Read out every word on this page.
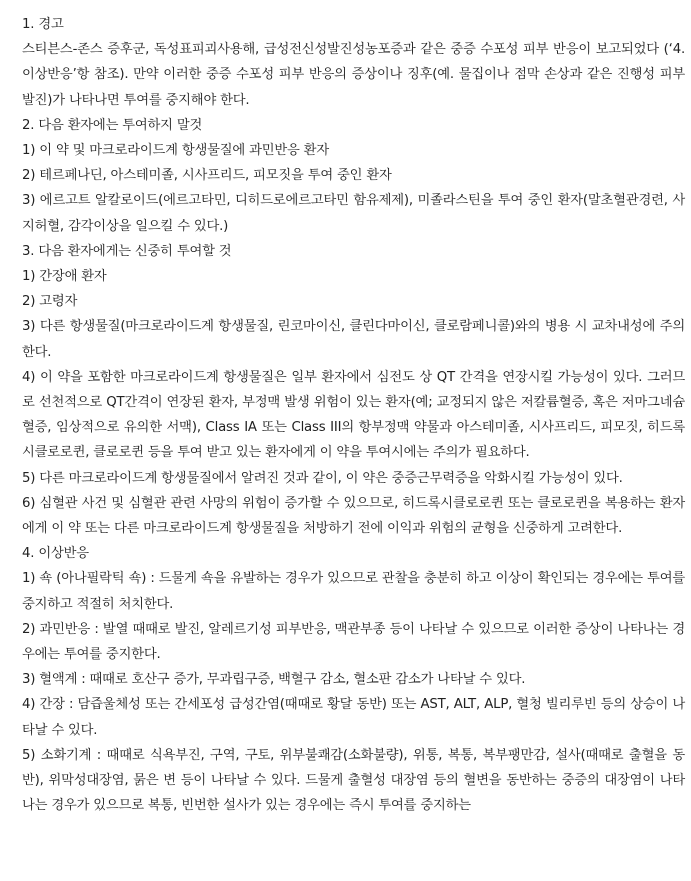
1. 경고

스티븐스-존스 증후군, 독성표피괴사용해, 급성전신성발진성농포증과 같은 중증 수포성 피부 반응이 보고되었다 (‘4. 이상반응’항 참조). 만약 이러한 중증 수포성 피부 반응의 증상이나 징후(예. 물집이나 점막 손상과 같은 진행성 피부 발진)가 나타나면 투여를 중지해야 한다.

2. 다음 환자에는 투여하지 말것

1) 이 약 및 마크로라이드계 항생물질에 과민반응 환자

2) 테르페나딘, 아스테미졸, 시사프리드, 피모짓을 투여 중인 환자

3) 에르고트 알칼로이드(에르고타민, 디히드로에르고타민 함유제제), 미졸라스틴을 투여 중인 환자(말초혈관경련, 사지허혈, 감각이상을 일으킬 수 있다.)

3. 다음 환자에게는 신중히 투여할 것

1) 간장애 환자

2) 고령자

3) 다른 항생물질(마크로라이드계 항생물질, 린코마이신, 클린다마이신, 클로람페니콜)와의 병용 시 교차내성에 주의한다.

4) 이 약을 포함한 마크로라이드계 항생물질은 일부 환자에서 심전도 상 QT 간격을 연장시킬 가능성이 있다. 그러므로 선천적으로 QT간격이 연장된 환자, 부정맥 발생 위험이 있는 환자(예; 교정되지 않은 저칼륨혈증, 혹은 저마그네슘혈증, 임상적으로 유의한 서맥), Class IA 또는 Class III의 항부정맥 약물과 아스테미졸, 시사프리드, 피모짓, 히드록시클로로퀸, 클로로퀸 등을 투여 받고 있는 환자에게 이 약을 투여시에는 주의가 필요하다.

5) 다른 마크로라이드계 항생물질에서 알려진 것과 같이, 이 약은 중증근무력증을 악화시킬 가능성이 있다.

6) 심혈관 사건 및 심혈관 관련 사망의 위험이 증가할 수 있으므로, 히드록시클로로퀸 또는 클로로퀸을 복용하는 환자에게 이 약 또는 다른 마크로라이드계 항생물질을 처방하기 전에 이익과 위험의 균형을 신중하게 고려한다.

4. 이상반응

1) 쇽 (아나필락틱 쇽) : 드물게 쇽을 유발하는 경우가 있으므로 관찰을 충분히 하고 이상이 확인되는 경우에는 투여를 중지하고 적절히 처치한다.

2) 과민반응 : 발열 때때로 발진, 알레르기성 피부반응, 맥관부종 등이 나타날 수 있으므로 이러한 증상이 나타나는 경우에는 투여를 중지한다.

3) 혈액계 : 때때로 호산구 증가, 무과립구증, 백혈구 감소, 혈소판 감소가 나타날 수 있다.

4) 간장 : 담즙울체성 또는 간세포성 급성간염(때때로 황달 동반) 또는 AST, ALT, ALP, 혈청 빌리루빈 등의 상승이 나타날 수 있다.

5) 소화기계 : 때때로 식욕부진, 구역, 구토, 위부불쾌감(소화불량), 위통, 복통, 복부팽만감, 설사(때때로 출혈을 동반), 위막성대장염, 묽은 변 등이 나타날 수 있다. 드물게 출혈성 대장염 등의 혈변을 동반하는 중증의 대장염이 나타나는 경우가 있으므로 복통, 빈번한 설사가 있는 경우에는 즉시 투여를 중지하는
